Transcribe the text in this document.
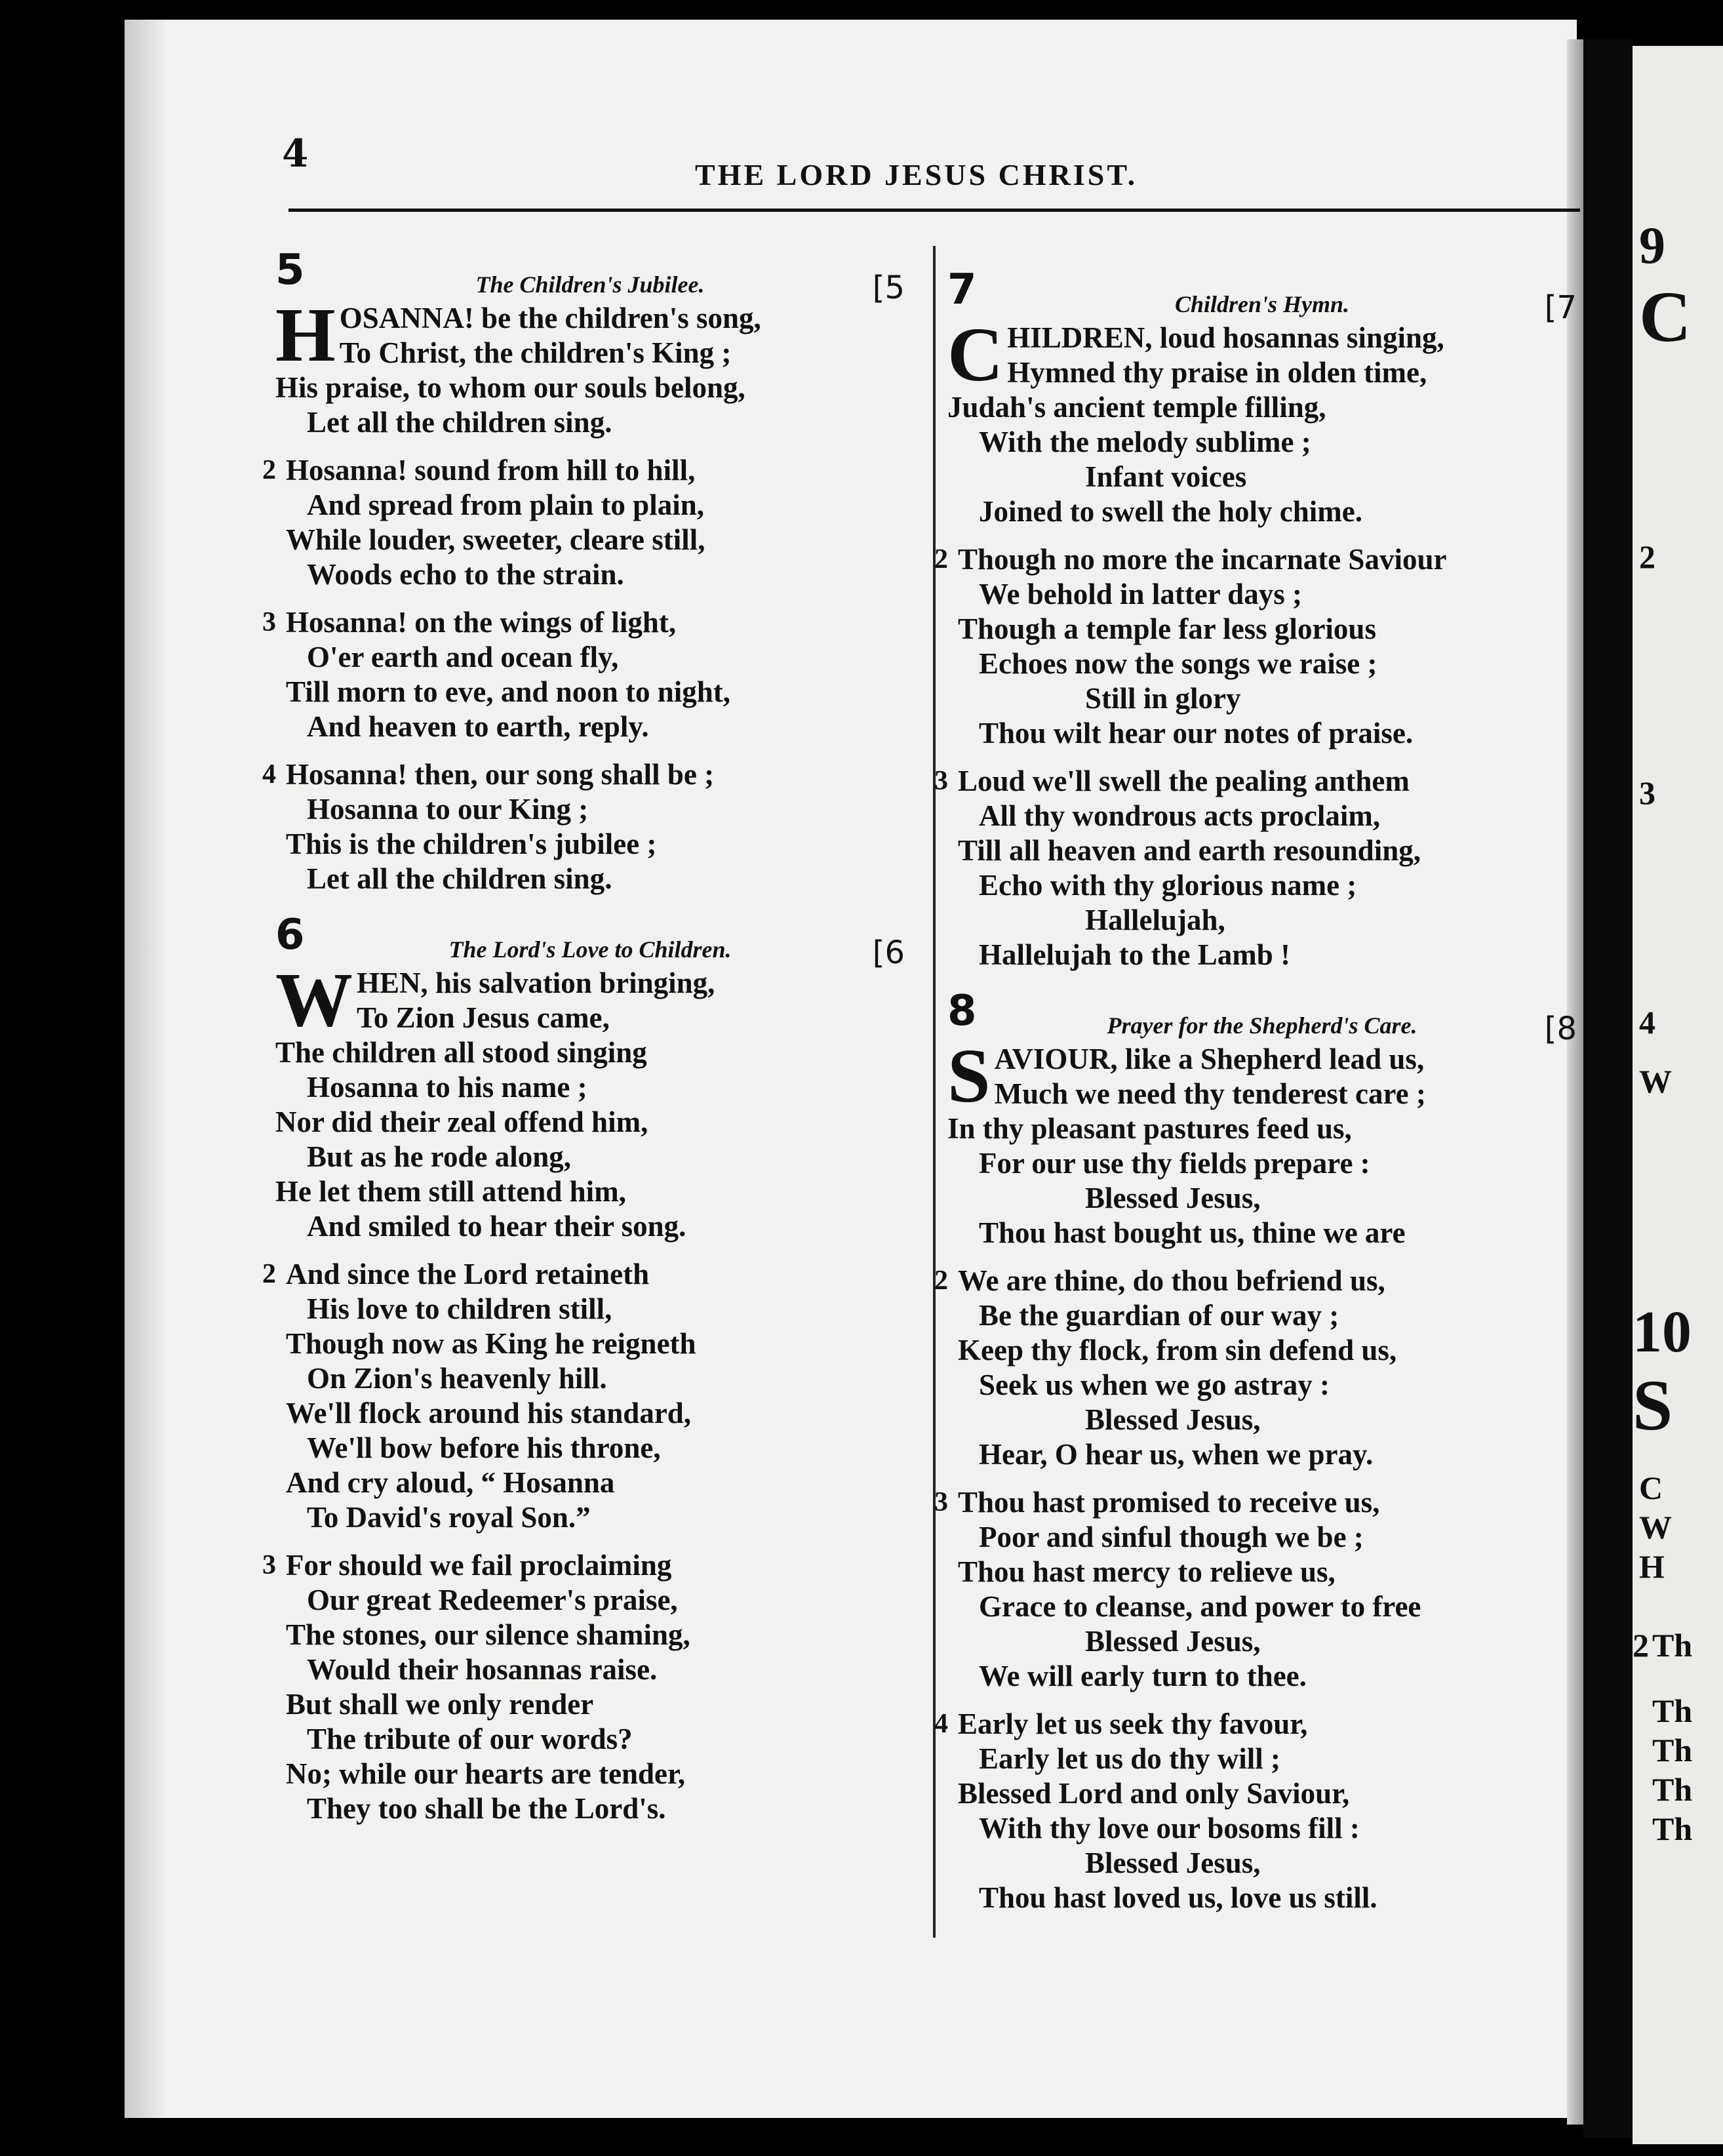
9
C
2
3
4
W
10
S
C
W
H
2 Th
Th
Th
Th
Th
4	THE LORD JESUS CHRIST.
5	The Children's Jubilee.	[5
H OSANNA! be the children's song,
To Christ, the children's King ;
His praise, to whom our souls belong,
Let all the children sing.
2 Hosanna! sound from hill to hill,
And spread from plain to plain,
While louder, sweeter, cleare still,
Woods echo to the strain.
3 Hosanna! on the wings of light,
O'er earth and ocean fly,
Till morn to eve, and noon to night,
And heaven to earth, reply.
4 Hosanna! then, our song shall be ;
Hosanna to our King ;
This is the children's jubilee ;
Let all the children sing.
6	The Lord's Love to Children.	[6
W HEN, his salvation bringing,
To Zion Jesus came,
The children all stood singing
Hosanna to his name ;
Nor did their zeal offend him,
But as he rode along,
He let them still attend him,
And smiled to hear their song.
2 And since the Lord retaineth
His love to children still,
Though now as King he reigneth
On Zion's heavenly hill.
We'll flock around his standard,
We'll bow before his throne,
And cry aloud, “ Hosanna
To David's royal Son.”
3 For should we fail proclaiming
Our great Redeemer's praise,
The stones, our silence shaming,
Would their hosannas raise.
But shall we only render
The tribute of our words?
No; while our hearts are tender,
They too shall be the Lord's.
7	Children's Hymn.	[7
C HILDREN, loud hosannas singing,
Hymned thy praise in olden time,
Judah's ancient temple filling,
With the melody sublime ;
Infant voices
Joined to swell the holy chime.
2 Though no more the incarnate Saviour
We behold in latter days ;
Though a temple far less glorious
Echoes now the songs we raise ;
Still in glory
Thou wilt hear our notes of praise.
3 Loud we'll swell the pealing anthem
All thy wondrous acts proclaim,
Till all heaven and earth resounding,
Echo with thy glorious name ;
Hallelujah,
Hallelujah to the Lamb !
8	Prayer for the Shepherd's Care.	[8
S AVIOUR, like a Shepherd lead us,
Much we need thy tenderest care ;
In thy pleasant pastures feed us,
For our use thy fields prepare :
Blessed Jesus,
Thou hast bought us, thine we are
2 We are thine, do thou befriend us,
Be the guardian of our way ;
Keep thy flock, from sin defend us,
Seek us when we go astray :
Blessed Jesus,
Hear, O hear us, when we pray.
3 Thou hast promised to receive us,
Poor and sinful though we be ;
Thou hast mercy to relieve us,
Grace to cleanse, and power to free
Blessed Jesus,
We will early turn to thee.
4 Early let us seek thy favour,
Early let us do thy will ;
Blessed Lord and only Saviour,
With thy love our bosoms fill :
Blessed Jesus,
Thou hast loved us, love us still.
